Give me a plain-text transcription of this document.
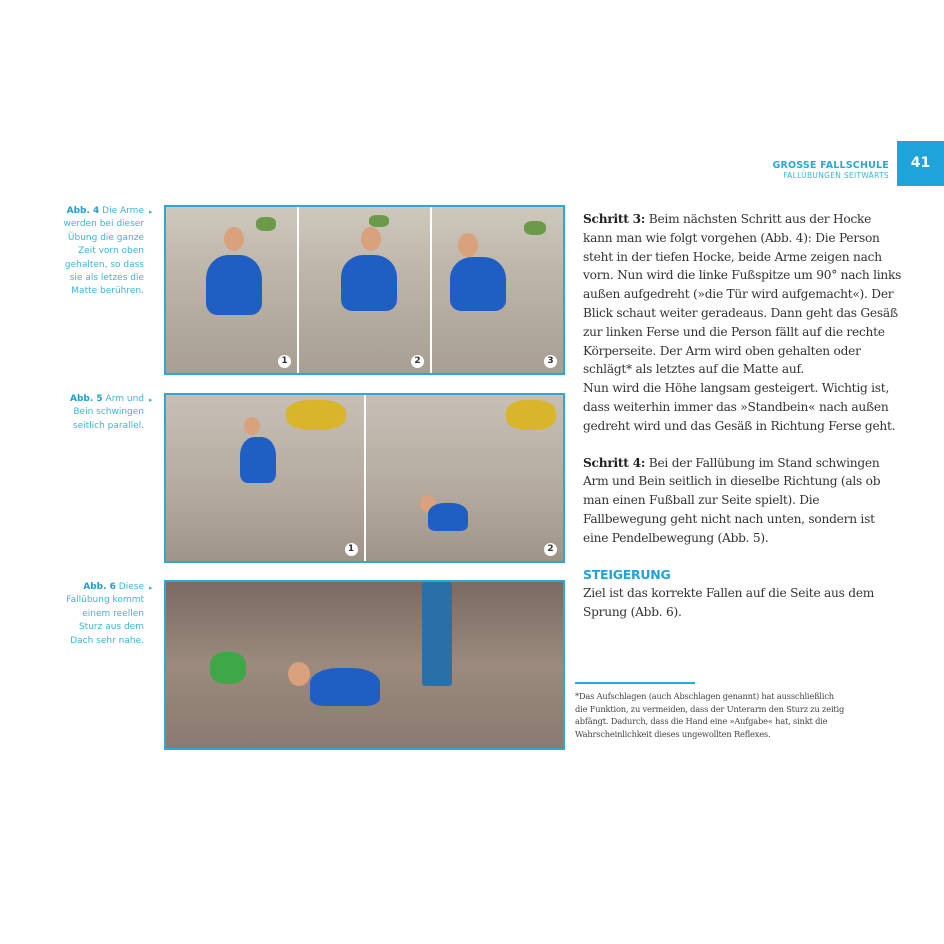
GROSSE FALLSCHULE
FALLÜBUNGEN SEITWÄRTS
41
Abb. 4 Die Arme werden bei dieser Übung die ganze Zeit vorn oben gehalten, so dass sie als letzes die Matte berühren.
▸
Abb. 5 Arm und Bein schwingen seitlich parallel.
▸
Abb. 6 Diese Fallübung kommt einem reellen Sturz aus dem Dach sehr nahe.
▸
1	2	3
1	2

Schritt 3: Beim nächsten Schritt aus der Hocke kann man wie folgt vorgehen (Abb. 4): Die Person steht in der tiefen Hocke, beide Arme zeigen nach vorn. Nun wird die linke Fußspitze um 90° nach links außen aufgedreht (»die Tür wird aufgemacht«). Der Blick schaut weiter geradeaus. Dann geht das Gesäß zur linken Ferse und die Person fällt auf die rechte Körperseite. Der Arm wird oben gehalten oder schlägt* als letztes auf die Matte auf.

Nun wird die Höhe langsam gesteigert. Wichtig ist, dass weiterhin immer das »Standbein« nach außen gedreht wird und das Gesäß in Richtung Ferse geht.

Schritt 4: Bei der Fallübung im Stand schwingen Arm und Bein seitlich in dieselbe Richtung (als ob man einen Fußball zur Seite spielt). Die Fallbewegung geht nicht nach unten, sondern ist eine Pendelbewegung (Abb. 5).

STEIGERUNG

Ziel ist das korrekte Fallen auf die Seite aus dem Sprung (Abb. 6).

*Das Aufschlagen (auch Abschlagen genannt) hat ausschließlich die Funktion, zu vermeiden, dass der Unterarm den Sturz zu zeitig abfängt. Dadurch, dass die Hand eine »Aufgabe« hat, sinkt die Wahrscheinlichkeit dieses ungewollten Reflexes.
